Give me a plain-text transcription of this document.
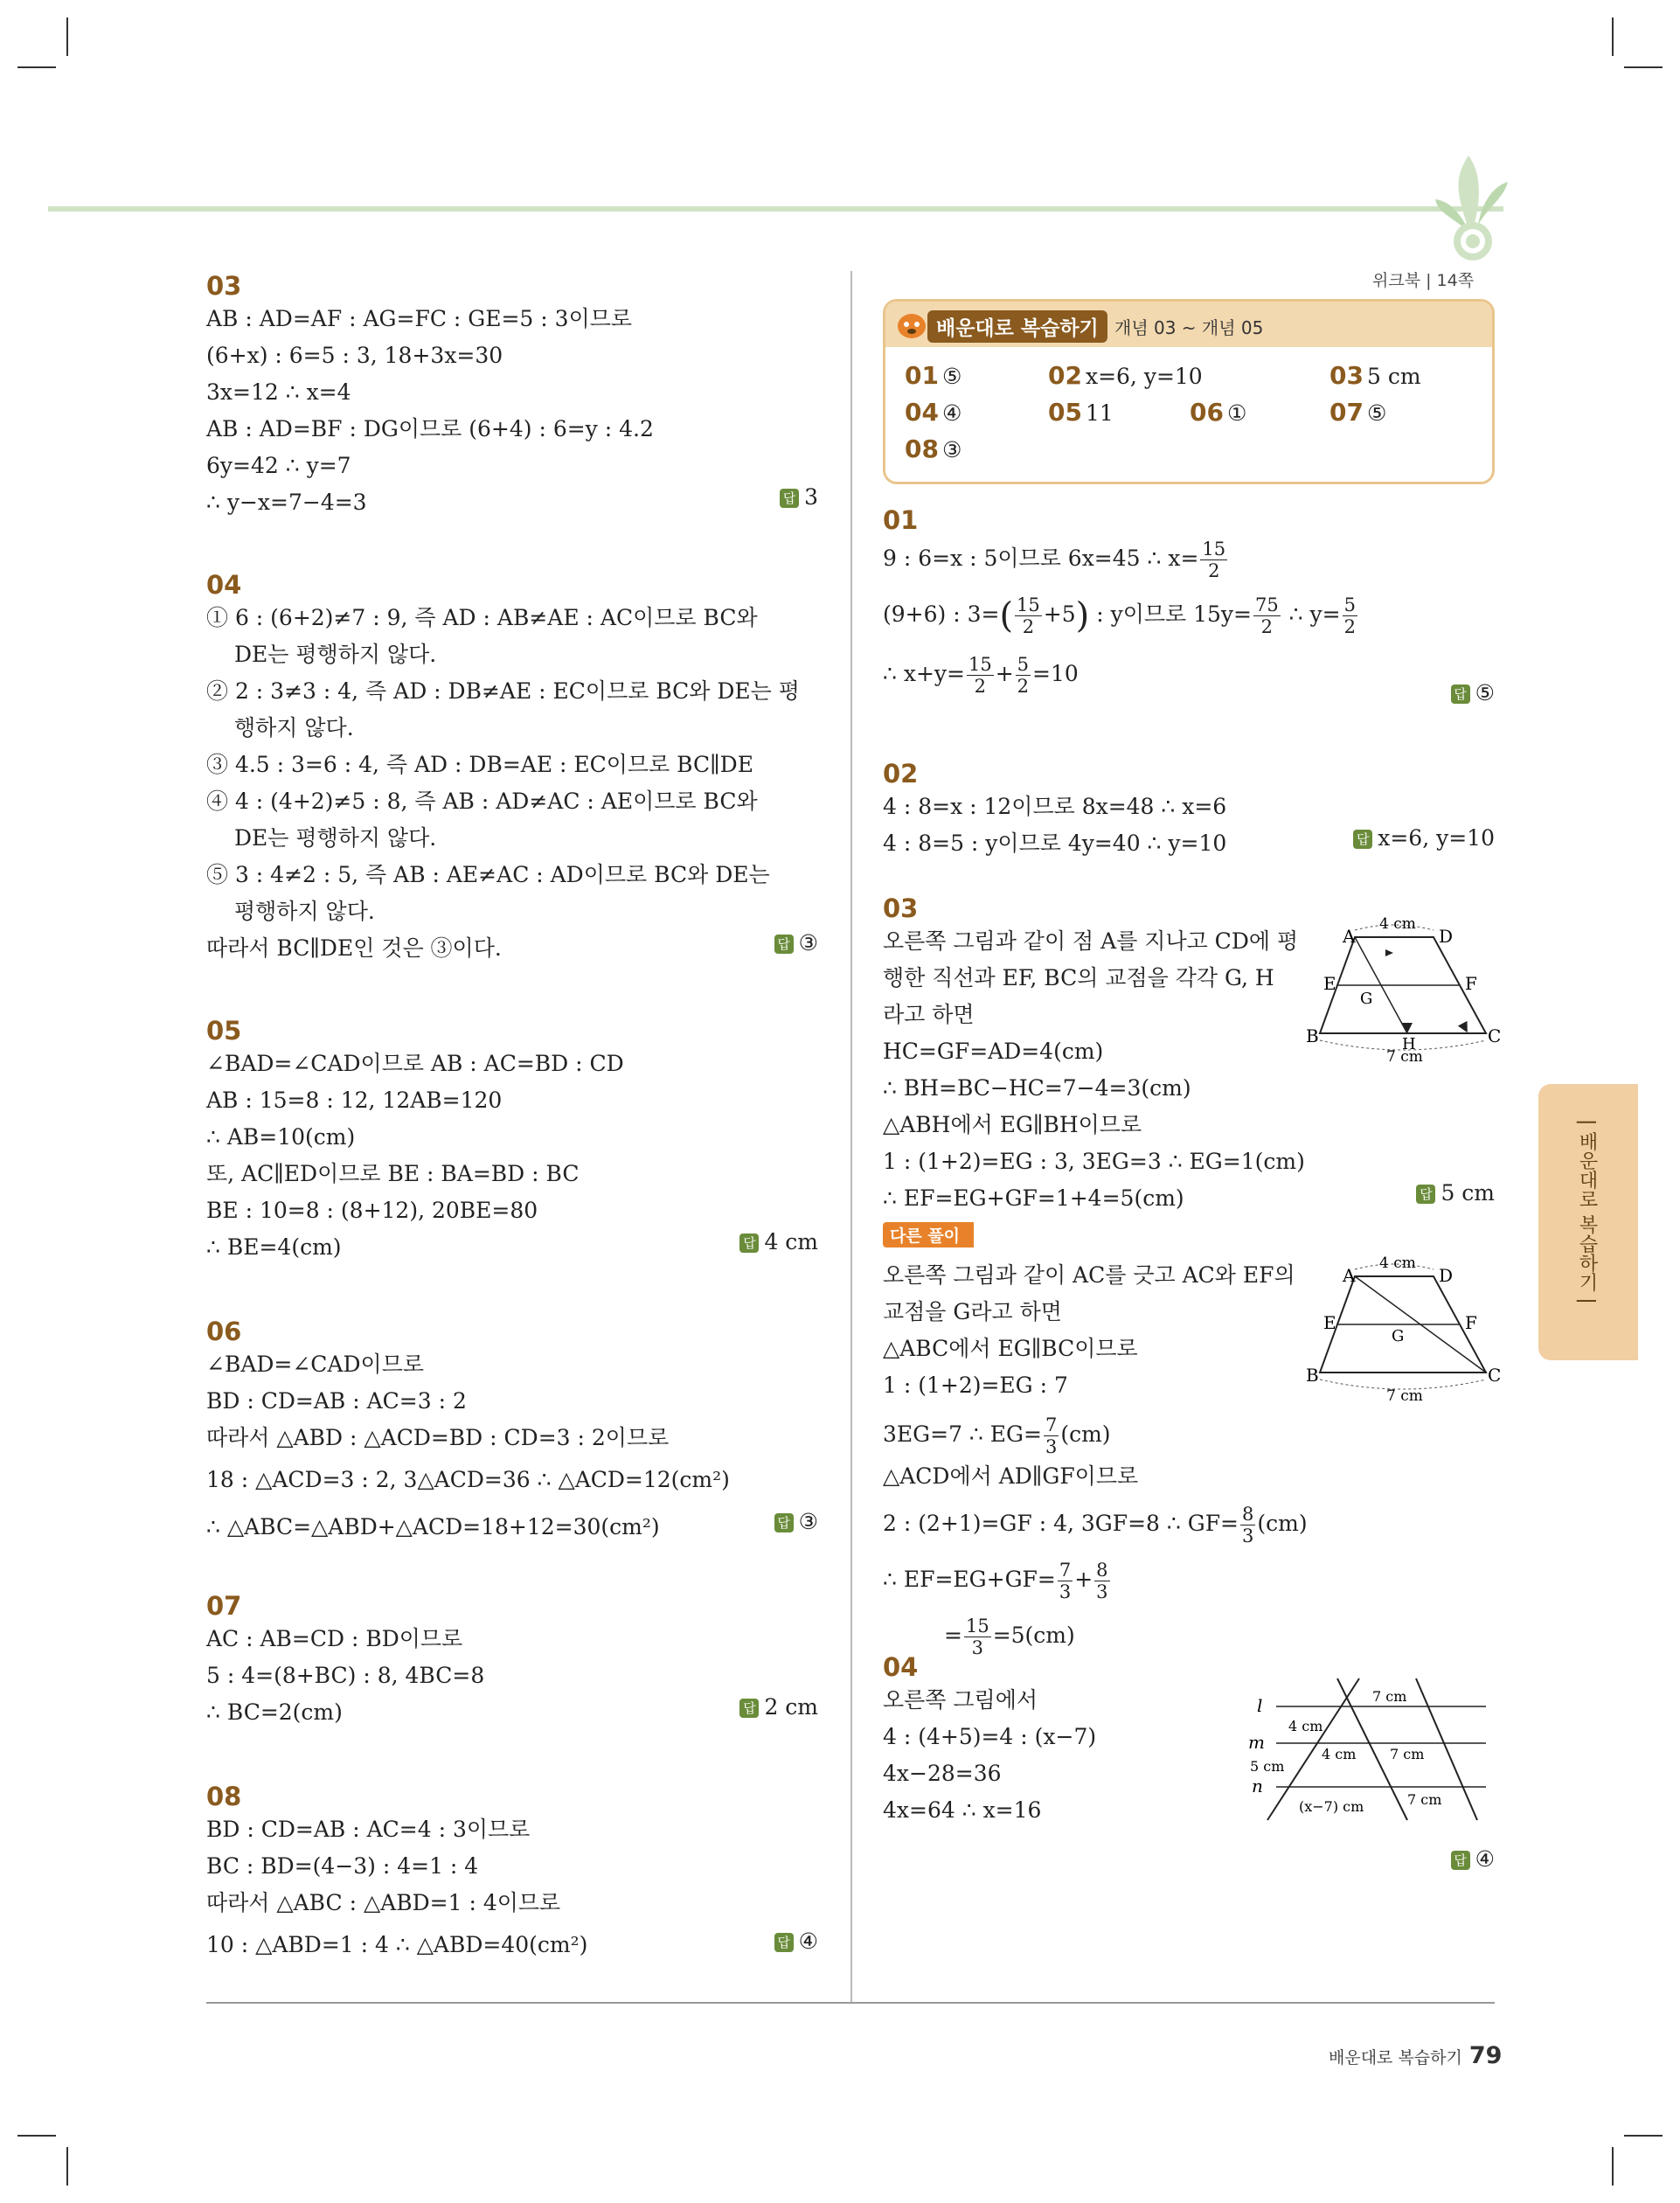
위크북 | 14쪽
03
AB : AD=AF : AG=FC : GE=5 : 3이므로
(6+x) : 6=5 : 3, 18+3x=30
3x=12 ∴ x=4
AB : AD=BF : DG이므로 (6+4) : 6=y : 4.2
6y=42 ∴ y=7
∴ y−x=7−4=3	답 3
04
① 6 : (6+2)≠7 : 9, 즉 AD : AB≠AE : AC이므로 BC와
DE는 평행하지 않다.
② 2 : 3≠3 : 4, 즉 AD : DB≠AE : EC이므로 BC와 DE는 평
행하지 않다.
③ 4.5 : 3=6 : 4, 즉 AD : DB=AE : EC이므로 BC∥DE
④ 4 : (4+2)≠5 : 8, 즉 AB : AD≠AC : AE이므로 BC와
DE는 평행하지 않다.
⑤ 3 : 4≠2 : 5, 즉 AB : AE≠AC : AD이므로 BC와 DE는
평행하지 않다.
따라서 BC∥DE인 것은 ③이다.	답 ③
05
∠BAD=∠CAD이므로 AB : AC=BD : CD
AB : 15=8 : 12, 12AB=120
∴ AB=10(cm)
또, AC∥ED이므로 BE : BA=BD : BC
BE : 10=8 : (8+12), 20BE=80
∴ BE=4(cm)	답 4 cm
06
∠BAD=∠CAD이므로
BD : CD=AB : AC=3 : 2
따라서 △ABD : △ACD=BD : CD=3 : 2이므로
18 : △ACD=3 : 2, 3△ACD=36 ∴ △ACD=12(cm²)
∴ △ABC=△ABD+△ACD=18+12=30(cm²)	답 ③
07
AC : AB=CD : BD이므로
5 : 4=(8+BC) : 8, 4BC=8
∴ BC=2(cm)	답 2 cm
08
BD : CD=AB : AC=4 : 3이므로
BC : BD=(4−3) : 4=1 : 4
따라서 △ABC : △ABD=1 : 4이므로
10 : △ABD=1 : 4 ∴ △ABD=40(cm²)	답 ④
배운대로 복습하기 개념 03 ~ 개념 05
01 ⑤	02 x=6, y=10	03 5 cm
04 ④	05 11	06 ①	07 ⑤
08 ③
01
9 : 6=x : 5이므로 6x=45 ∴ $x= \frac{15}{2}$
(9+6) : $3=( \frac{15}{2} +5)$ : y이므로 $15y= \frac{75}{2}$ ∴ $y= \frac{5}{2}$
∴ $x+y= \frac{15}{2} + \frac{5}{2} =10$
답 ⑤
02
4 : 8=x : 12이므로 8x=48 ∴ x=6
4 : 8=5 : y이므로 4y=40 ∴ y=10	답 x=6, y=10
03
오른쪽 그림과 같이 점 A를 지나고 CD에 평
행한 직선과 EF, BC의 교점을 각각 G, H
라고 하면
HC=GF=AD=4(cm)
∴ BH=BC−HC=7−4=3(cm)
△ABH에서 EG∥BH이므로
1 : (1+2)=EG : 3, 3EG=3 ∴ EG=1(cm)
∴ EF=EG+GF=1+4=5(cm)	답 5 cm
다른 풀이
오른쪽 그림과 같이 AC를 긋고 AC와 EF의
교점을 G라고 하면
△ABC에서 EG∥BC이므로
1 : (1+2)=EG : 7
3EG=7 ∴ $EG= \frac{7}{3} (cm)$
△ACD에서 AD∥GF이므로
2 : (2+1)=GF : 4, 3GF=8 ∴ $GF= \frac{8}{3} (cm)$
∴ $EF=EG+GF= \frac{7}{3} + \frac{8}{3}$
= $\frac{15}{3} =5(cm)$
A	D
E	F
G
B	C
H
4 cm
7 cm
A	D
E	F
G
B	C
4 cm
7 cm
04
오른쪽 그림에서
4 : (4+5)=4 : (x−7)
4x−28=36
4x=64 ∴ x=16
답 ④
l
m
n
4 cm
5 cm
4 cm
7 cm
7 cm
7 cm
(x−7) cm
| 배운대로 복습하기 |
배운대로 복습하기 79
